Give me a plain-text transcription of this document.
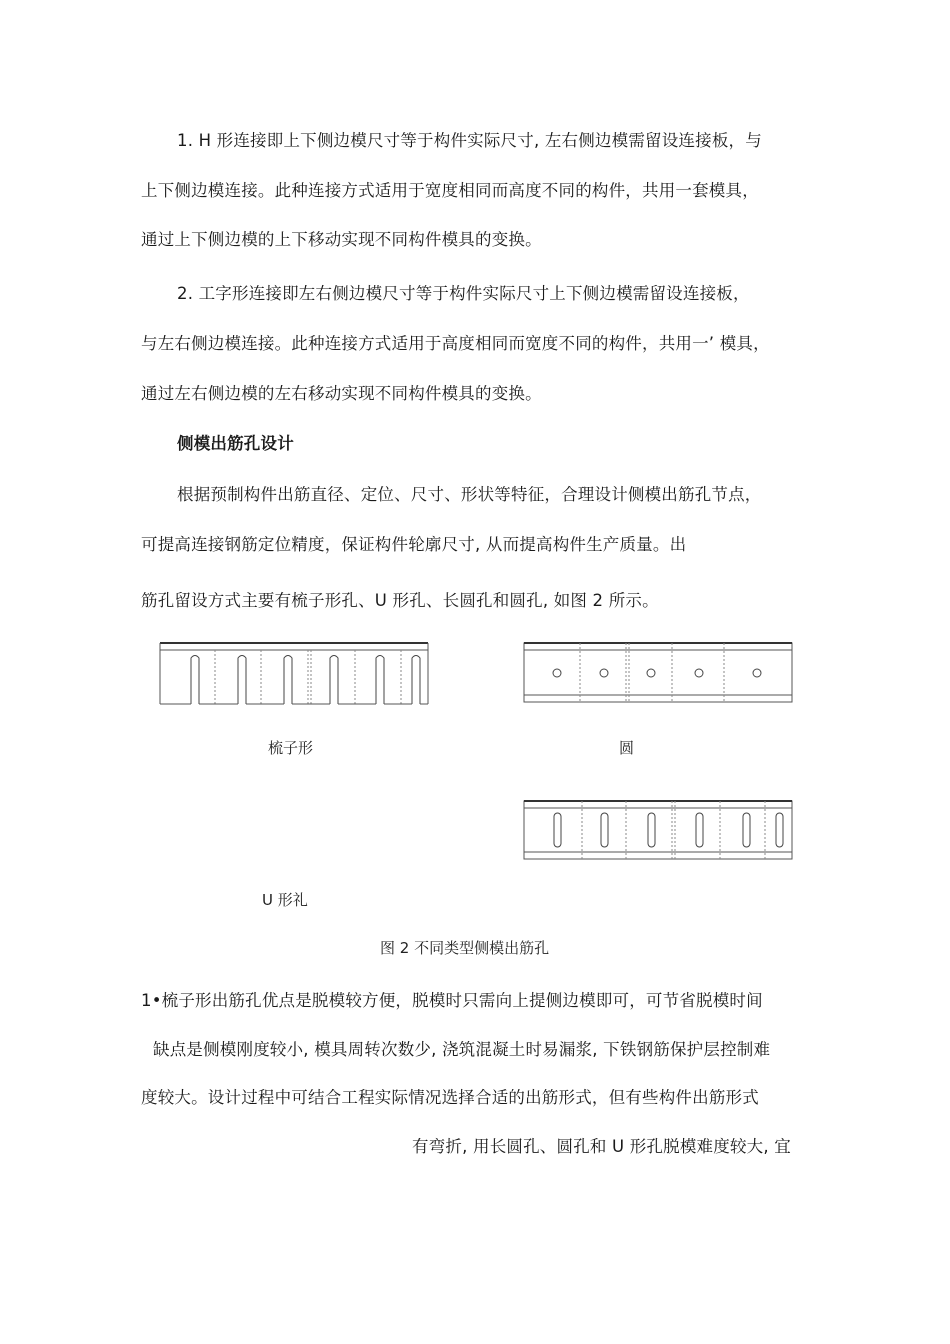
1. H 形连接即上下侧边模尺寸等于构件实际尺寸, 左右侧边模需留设连接板，与
上下侧边模连接。此种连接方式适用于宽度相同而高度不同的构件，共用一套模具，
通过上下侧边模的上下移动实现不同构件模具的变换。
2. 工字形连接即左右侧边模尺寸等于构件实际尺寸上下侧边模需留设连接板，
与左右侧边模连接。此种连接方式适用于高度相同而宽度不同的构件，共用一’ 模具，
通过左右侧边模的左右移动实现不同构件模具的变换。
侧模出筋孔设计
根据预制构件出筋直径、定位、尺寸、形状等特征，合理设计侧模出筋孔节点，
可提高连接钢筋定位精度，保证构件轮廓尺寸, 从而提高构件生产质量。出
筋孔留设方式主要有梳子形孔、U 形孔、长圆孔和圆孔, 如图 2 所示。
梳子形	圆
U 形礼
图 2 不同类型侧模出筋孔
1•梳子形出筋孔优点是脱模较方便，脱模时只需向上提侧边模即可，可节省脱模时间
缺点是侧模刚度较小, 模具周转次数少, 浇筑混凝土时易漏浆, 下铁钢筋保护层控制难
度较大。设计过程中可结合工程实际情况选择合适的出筋形式，但有些构件出筋形式
有弯折, 用长圆孔、圆孔和 U 形孔脱模难度较大, 宜
